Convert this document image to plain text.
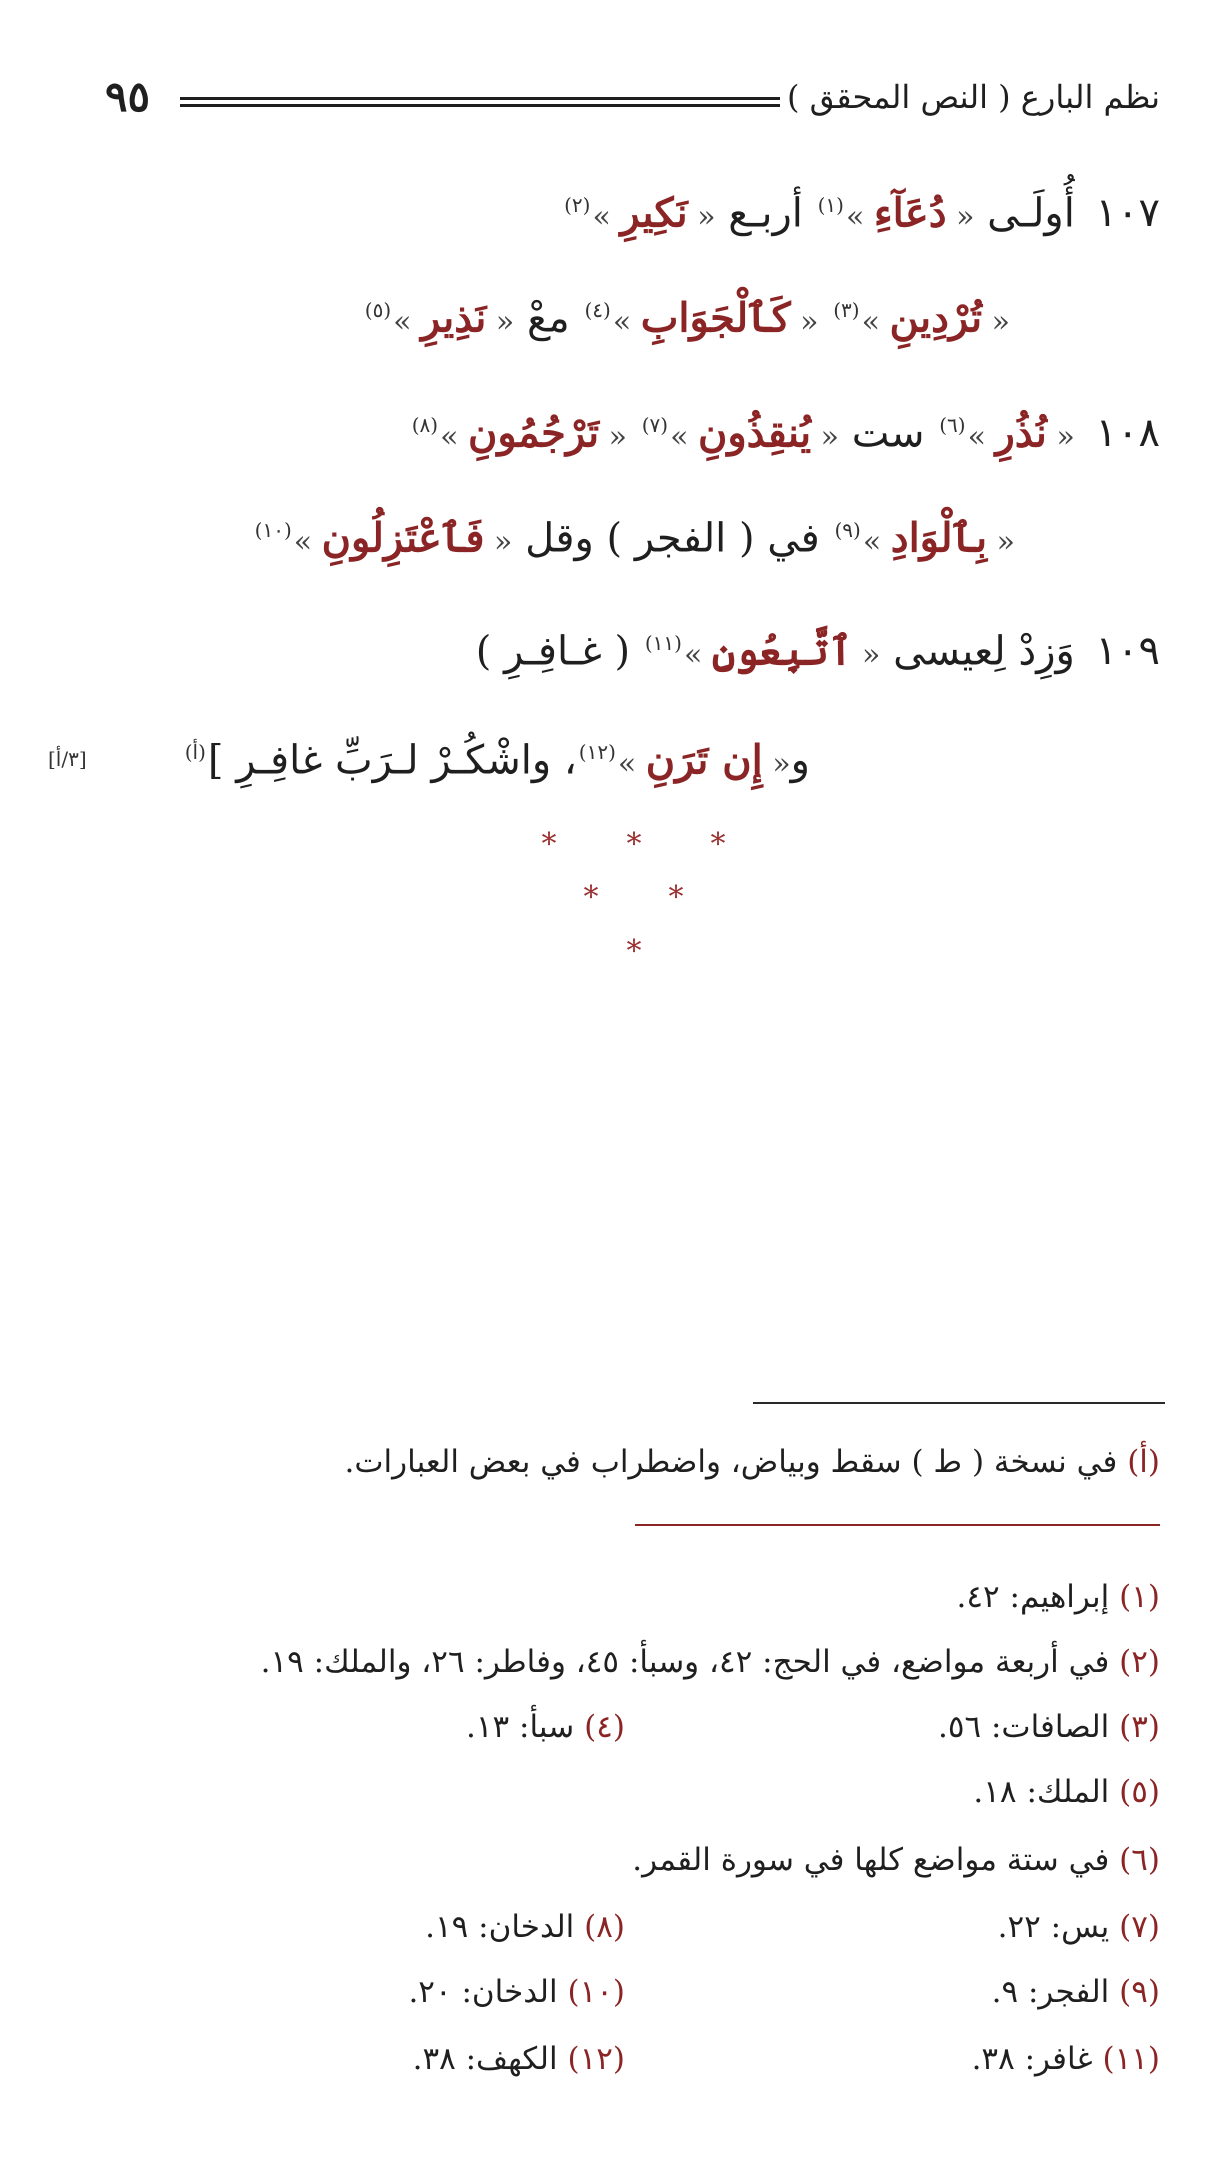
نظم البارع ( النص المحقق )
٩٥
١٠٧ أُولَـى « دُعَآءِ »$^{(١)}$ أربـع « نَكِيرِ »$^{(٢)}$
« تُرْدِينِ »$^{(٣)}$ « كَٱلْجَوَابِ »$^{(٤)}$ معْ « نَذِيرِ »$^{(٥)}$
١٠٨ « نُذُرِ »$^{(٦)}$ ست « يُنقِذُونِ »$^{(٧)}$ « تَرْجُمُونِ »$^{(٨)}$
« بِٱلْوَادِ »$^{(٩)}$ في ( الفجر ) وقل « فَٱعْتَزِلُونِ »$^{(١٠)}$
١٠٩ وَزِدْ لِعيسى « ٱتَّبِعُونِ »$^{(١١)}$ ( غـافِـرِ )
و« إِن تَرَنِ »$^{(١٢)}$، واشْكُـرْ لـرَبِّ غافِـرِ ]$^{(أ)}$
[٣/أ]
* * *
* *
*
(أ) في نسخة ( ط ) سقط وبياض، واضطراب في بعض العبارات.
(١) إبراهيم: ٤٢.
(٢) في أربعة مواضع، في الحج: ٤٢، وسبأ: ٤٥، وفاطر: ٢٦، والملك: ١٩.
(٣) الصافات: ٥٦.
(٤) سبأ: ١٣.
(٥) الملك: ١٨.
(٦) في ستة مواضع كلها في سورة القمر.
(٧) يس: ٢٢.
(٨) الدخان: ١٩.
(٩) الفجر: ٩.
(١٠) الدخان: ٢٠.
(١١) غافر: ٣٨.
(١٢) الكهف: ٣٨.
